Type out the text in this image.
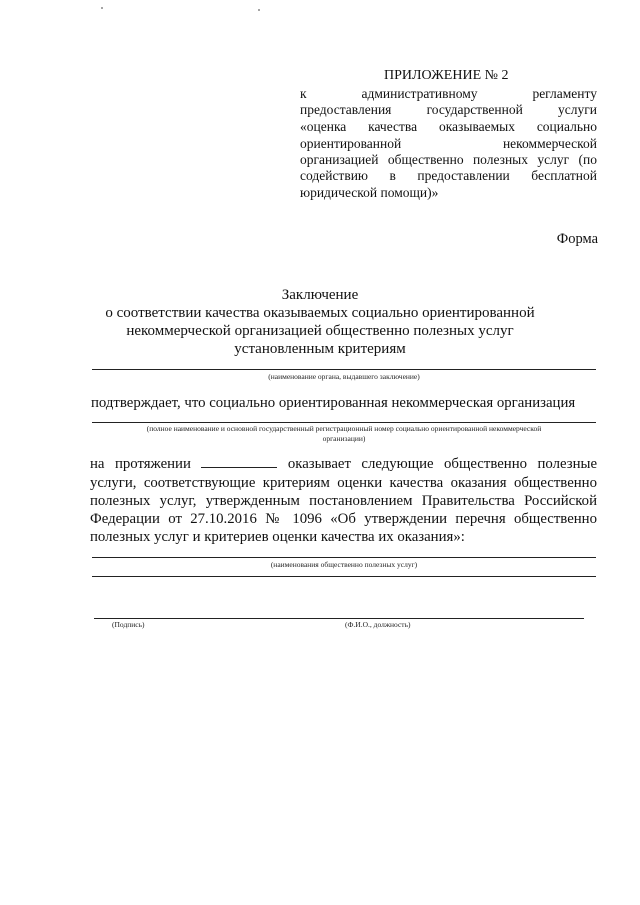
ПРИЛОЖЕНИЕ № 2
к административному регламенту
предоставления государственной услуги
«оценка качества оказываемых социально
ориентированной некоммерческой
организацией общественно полезных услуг (по
содействию в предоставлении бесплатной
юридической помощи)»
Форма
Заключение
о соответствии качества оказываемых социально ориентированной
некоммерческой организацией общественно полезных услуг
установленным критериям
(наименование органа, выдавшего заключение)
подтверждает, что социально ориентированная некоммерческая организация
(полное наименование и основной государственный регистрационный номер социально ориентированной некоммерческой
организации)
на протяжении	оказывает следующие общественно полезные
услуги, соответствующие критериям оценки качества оказания общественно
полезных услуг, утвержденным постановлением Правительства Российской
Федерации от 27.10.2016 № 1096 «Об утверждении перечня общественно
полезных услуг и критериев оценки качества их оказания»:
(наименования общественно полезных услуг)
(Подпись)	(Ф.И.О., должность)
